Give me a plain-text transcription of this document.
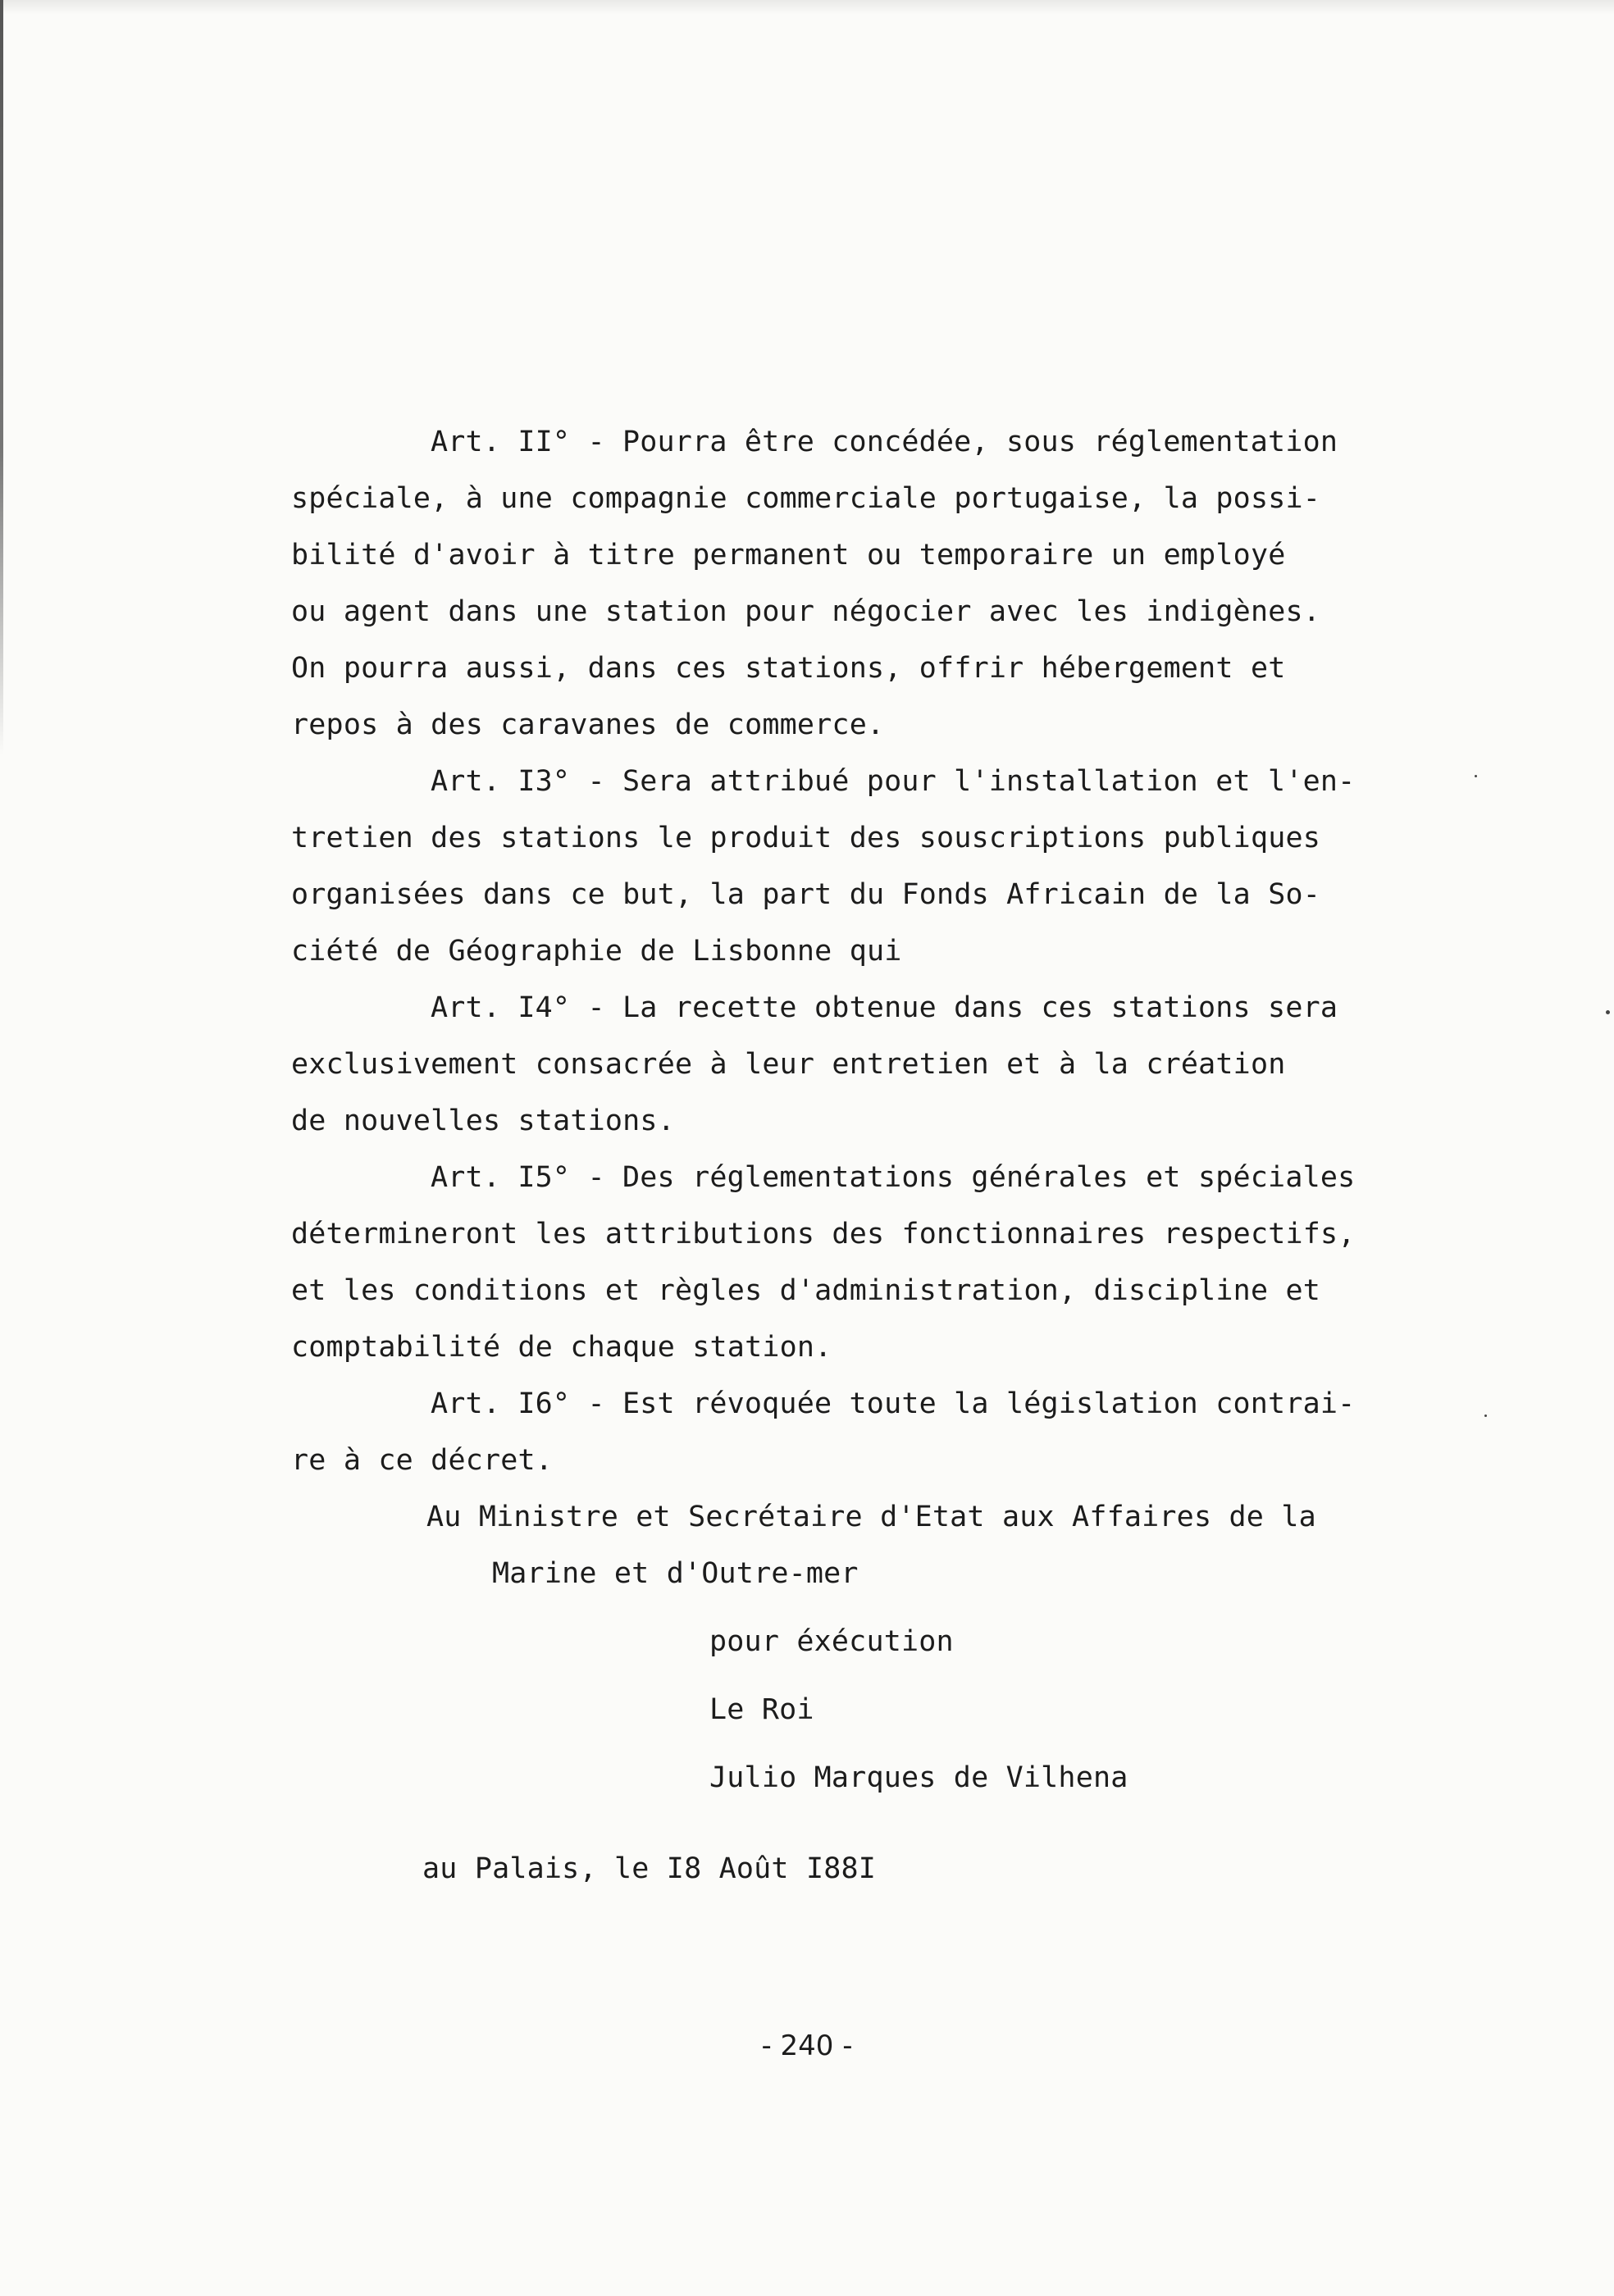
Art. II° - Pourra être concédée, sous réglementation
spéciale, à une compagnie commerciale portugaise, la possi-
bilité d'avoir à titre permanent ou temporaire un employé
ou agent dans une station pour négocier avec les indigènes.
On pourra aussi, dans ces stations, offrir hébergement et
repos à des caravanes de commerce.
Art. I3° - Sera attribué pour l'installation et l'en-
tretien des stations le produit des souscriptions publiques
organisées dans ce but, la part du Fonds Africain de la So-
ciété de Géographie de Lisbonne qui
Art. I4° - La recette obtenue dans ces stations sera
exclusivement consacrée à leur entretien et à la création
de nouvelles stations.
Art. I5° - Des réglementations générales et spéciales
détermineront les attributions des fonctionnaires respectifs,
et les conditions et règles d'administration, discipline et
comptabilité de chaque station.
Art. I6° - Est révoquée toute la législation contrai-
re à ce décret.
Au Ministre et Secrétaire d'Etat aux Affaires de la
Marine et d'Outre-mer
pour éxécution
Le Roi
Julio Marques de Vilhena
au Palais, le I8 Août I88I
- 240 -
